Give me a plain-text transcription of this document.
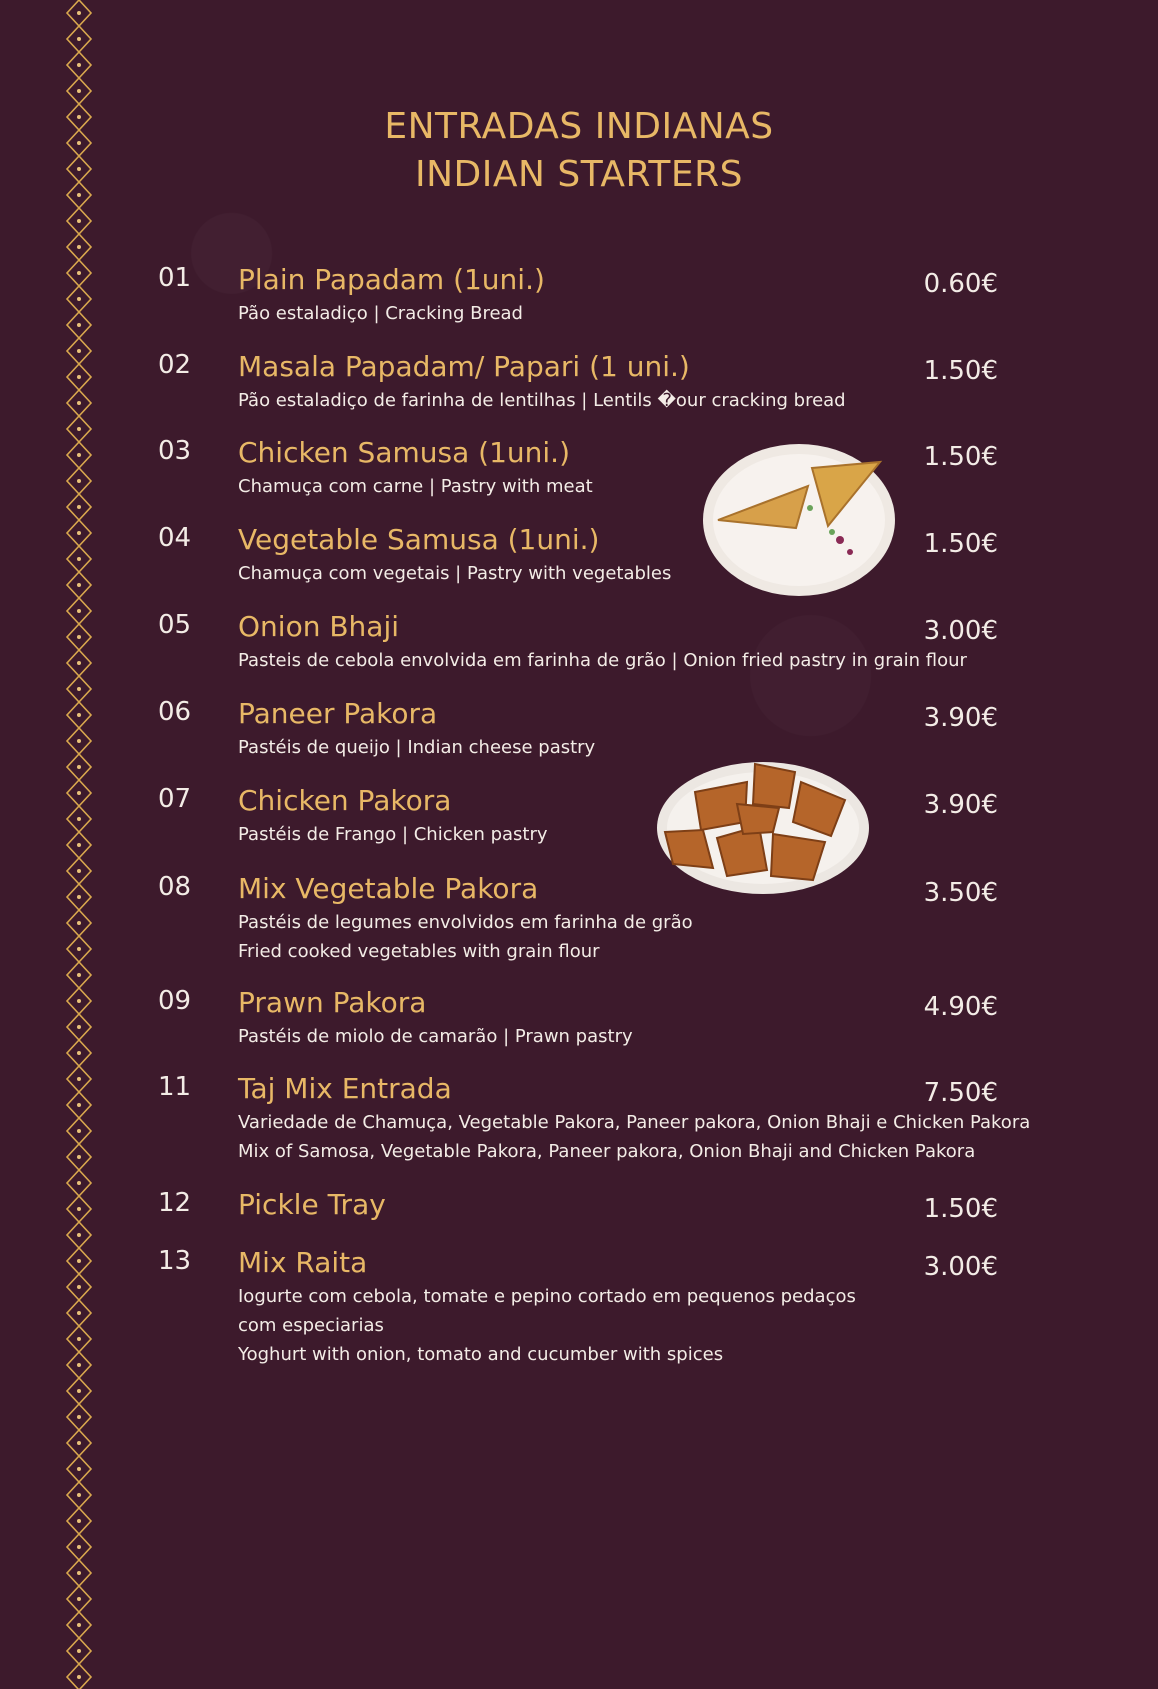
ENTRADAS INDIANAS
INDIAN STARTERS
01 Plain Papadam (1uni.)	0.60€
Pão estaladiço | Cracking Bread
02 Masala Papadam/ Papari (1 uni.)	1.50€
Pão estaladiço de farinha de lentilhas | Lentils �our cracking bread
03 Chicken Samusa (1uni.)	1.50€
Chamuça com carne | Pastry with meat
04 Vegetable Samusa (1uni.)	1.50€
Chamuça com vegetais | Pastry with vegetables
05 Onion Bhaji	3.00€
Pasteis de cebola envolvida em farinha de grão | Onion fried pastry in grain flour
06 Paneer Pakora	3.90€
Pastéis de queijo | Indian cheese pastry
07 Chicken Pakora	3.90€
Pastéis de Frango | Chicken pastry
08 Mix Vegetable Pakora	3.50€
Pastéis de legumes envolvidos em farinha de grão
Fried cooked vegetables with grain flour
09 Prawn Pakora	4.90€
Pastéis de miolo de camarão | Prawn pastry
11 Taj Mix Entrada	7.50€
Variedade de Chamuça, Vegetable Pakora, Paneer pakora, Onion Bhaji e Chicken Pakora
Mix of Samosa, Vegetable Pakora, Paneer pakora, Onion Bhaji and Chicken Pakora
12 Pickle Tray	1.50€
13 Mix Raita	3.00€
Iogurte com cebola, tomate e pepino cortado em pequenos pedaços
com especiarias
Yoghurt with onion, tomato and cucumber with spices
